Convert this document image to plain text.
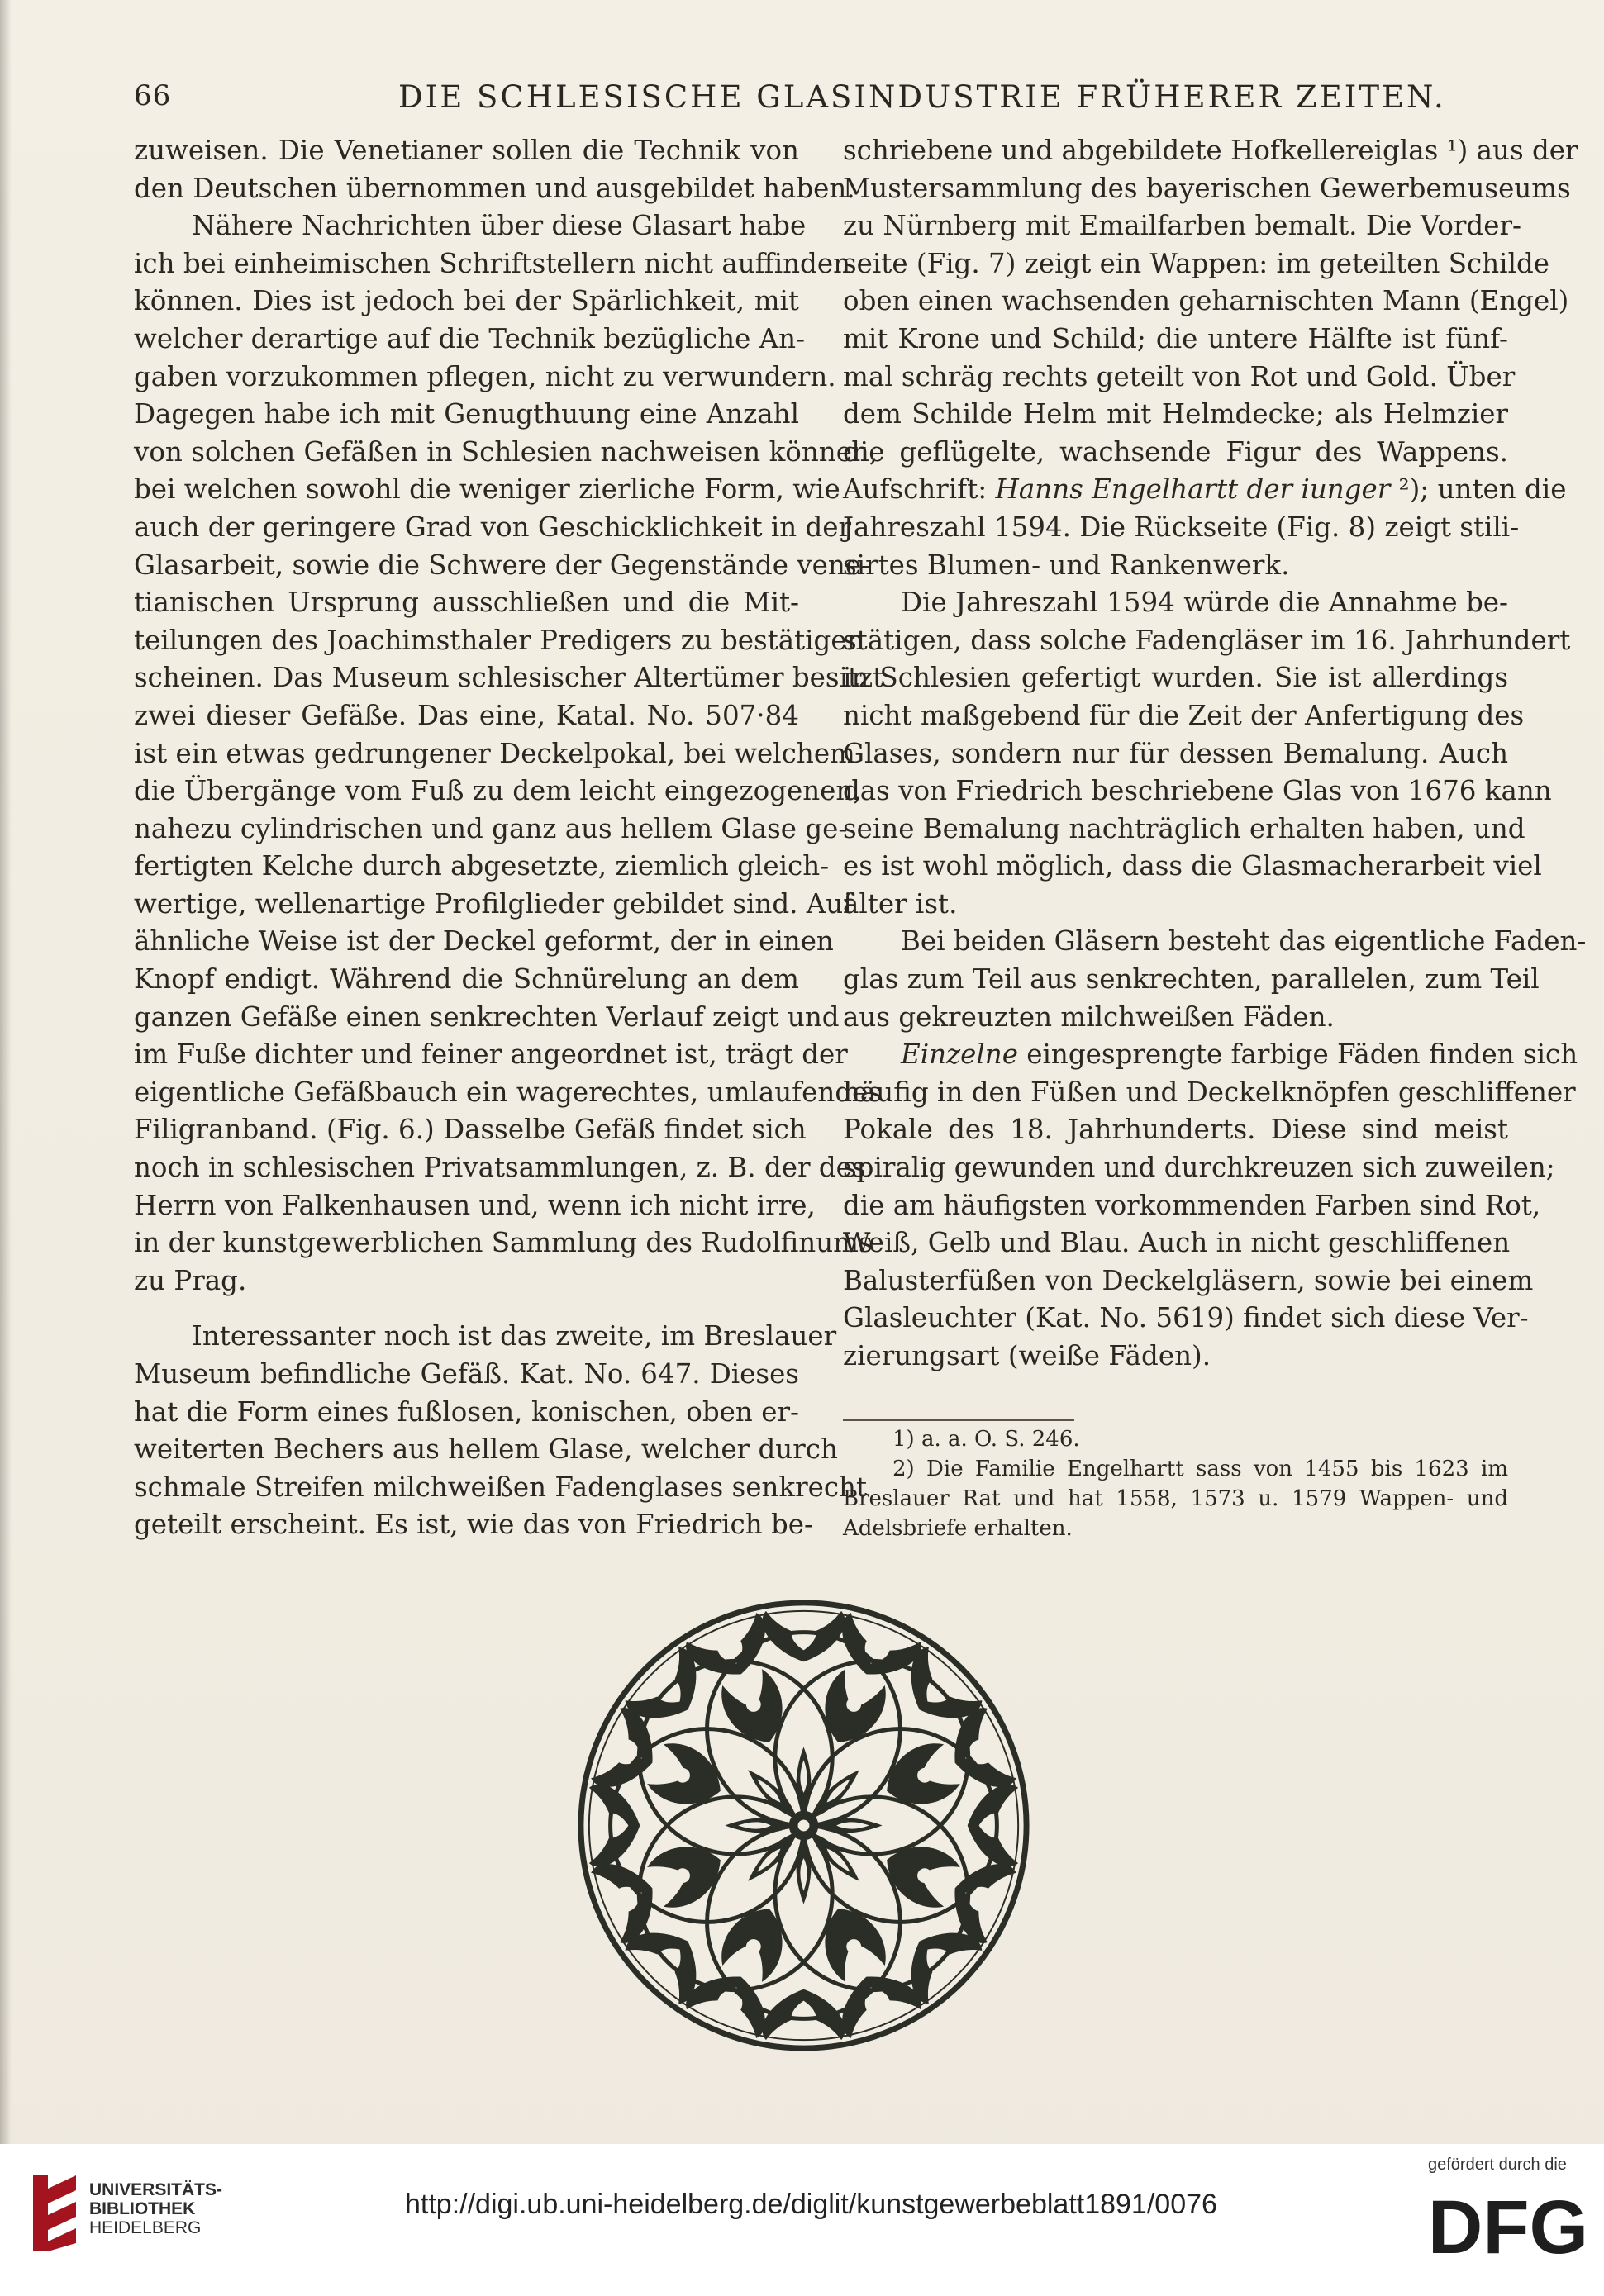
66	DIE SCHLESISCHE GLASINDUSTRIE FRÜHERER ZEITEN.
zuweisen. Die Venetianer sollen die Technik von
den Deutschen übernommen und ausgebildet haben.
Nähere Nachrichten über diese Glasart habe
ich bei einheimischen Schriftstellern nicht auffinden
können. Dies ist jedoch bei der Spärlichkeit, mit
welcher derartige auf die Technik bezügliche An-
gaben vorzukommen pflegen, nicht zu verwundern.
Dagegen habe ich mit Genugthuung eine Anzahl
von solchen Gefäßen in Schlesien nachweisen können,
bei welchen sowohl die weniger zierliche Form, wie
auch der geringere Grad von Geschicklichkeit in der
Glasarbeit, sowie die Schwere der Gegenstände vene-
tianischen Ursprung ausschließen und die Mit-
teilungen des Joachimsthaler Predigers zu bestätigen
scheinen. Das Museum schlesischer Altertümer besitzt
zwei dieser Gefäße. Das eine, Katal. No. 507·84
ist ein etwas gedrungener Deckelpokal, bei welchem
die Übergänge vom Fuß zu dem leicht eingezogenen,
nahezu cylindrischen und ganz aus hellem Glase ge-
fertigten Kelche durch abgesetzte, ziemlich gleich-
wertige, wellenartige Profilglieder gebildet sind. Auf
ähnliche Weise ist der Deckel geformt, der in einen
Knopf endigt. Während die Schnürelung an dem
ganzen Gefäße einen senkrechten Verlauf zeigt und
im Fuße dichter und feiner angeordnet ist, trägt der
eigentliche Gefäßbauch ein wagerechtes, umlaufendes
Filigranband. (Fig. 6.) Dasselbe Gefäß findet sich
noch in schlesischen Privatsammlungen, z. B. der des
Herrn von Falkenhausen und, wenn ich nicht irre,
in der kunstgewerblichen Sammlung des Rudolfinums
zu Prag.
Interessanter noch ist das zweite, im Breslauer
Museum befindliche Gefäß. Kat. No. 647. Dieses
hat die Form eines fußlosen, konischen, oben er-
weiterten Bechers aus hellem Glase, welcher durch
schmale Streifen milchweißen Fadenglases senkrecht
geteilt erscheint. Es ist, wie das von Friedrich be-
schriebene und abgebildete Hofkellereiglas ¹) aus der
Mustersammlung des bayerischen Gewerbemuseums
zu Nürnberg mit Emailfarben bemalt. Die Vorder-
seite (Fig. 7) zeigt ein Wappen: im geteilten Schilde
oben einen wachsenden geharnischten Mann (Engel)
mit Krone und Schild; die untere Hälfte ist fünf-
mal schräg rechts geteilt von Rot und Gold. Über
dem Schilde Helm mit Helmdecke; als Helmzier
die geflügelte, wachsende Figur des Wappens.
Aufschrift: Hanns Engelhartt der iunger ²); unten die
Jahreszahl 1594. Die Rückseite (Fig. 8) zeigt stili-
sirtes Blumen- und Rankenwerk.
Die Jahreszahl 1594 würde die Annahme be-
stätigen, dass solche Fadengläser im 16. Jahrhundert
in Schlesien gefertigt wurden. Sie ist allerdings
nicht maßgebend für die Zeit der Anfertigung des
Glases, sondern nur für dessen Bemalung. Auch
das von Friedrich beschriebene Glas von 1676 kann
seine Bemalung nachträglich erhalten haben, und
es ist wohl möglich, dass die Glasmacherarbeit viel
älter ist.
Bei beiden Gläsern besteht das eigentliche Faden-
glas zum Teil aus senkrechten, parallelen, zum Teil
aus gekreuzten milchweißen Fäden.
Einzelne eingesprengte farbige Fäden finden sich
häufig in den Füßen und Deckelknöpfen geschliffener
Pokale des 18. Jahrhunderts. Diese sind meist
spiralig gewunden und durchkreuzen sich zuweilen;
die am häufigsten vorkommenden Farben sind Rot,
Weiß, Gelb und Blau. Auch in nicht geschliffenen
Balusterfüßen von Deckelgläsern, sowie bei einem
Glasleuchter (Kat. No. 5619) findet sich diese Ver-
zierungsart (weiße Fäden).
1) a. a. O. S. 246.
2) Die Familie Engelhartt sass von 1455 bis 1623 im
Breslauer Rat und hat 1558, 1573 u. 1579 Wappen- und
Adelsbriefe erhalten.
UNIVERSITÄTS-
BIBLIOTHEK
HEIDELBERG
http://digi.ub.uni-heidelberg.de/diglit/kunstgewerbeblatt1891/0076
gefördert durch die
DFG
